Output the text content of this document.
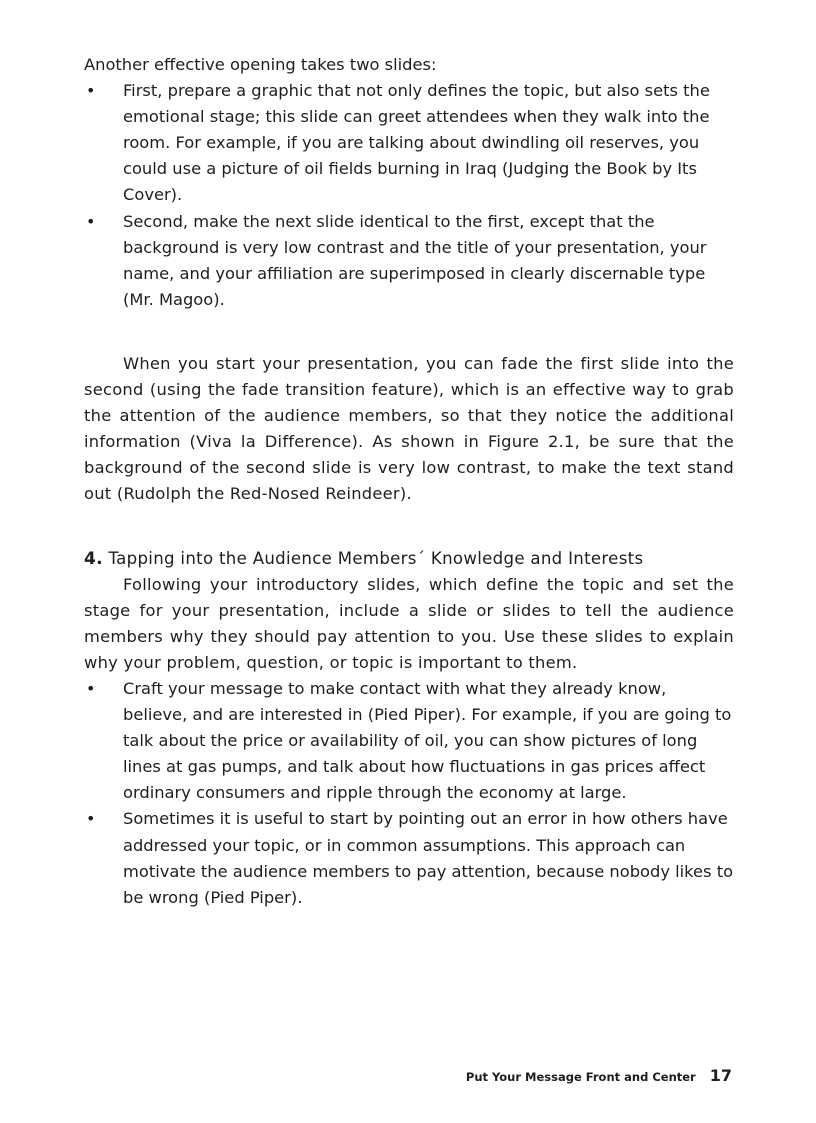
Another effective opening takes two slides:

• First, prepare a graphic that not only defines the topic, but also sets the emotional stage; this slide can greet attendees when they walk into the room. For example, if you are talking about dwindling oil reserves, you could use a picture of oil fields burning in Iraq (Judging the Book by Its Cover).
• Second, make the next slide identical to the first, except that the background is very low contrast and the title of your presentation, your name, and your affiliation are superimposed in clearly discernable type (Mr. Magoo).

When you start your presentation, you can fade the first slide into the second (using the fade transition feature), which is an effective way to grab the attention of the audience members, so that they notice the additional information (Viva la Difference). As shown in Figure 2.1, be sure that the background of the second slide is very low contrast, to make the text stand out (Rudolph the Red-Nosed Reindeer).

4. Tapping into the Audience Members´ Knowledge and Interests

Following your introductory slides, which define the topic and set the stage for your presentation, include a slide or slides to tell the audience members why they should pay attention to you. Use these slides to explain why your problem, question, or topic is important to them.

• Craft your message to make contact with what they already know, believe, and are interested in (Pied Piper). For example, if you are going to talk about the price or availability of oil, you can show pictures of long lines at gas pumps, and talk about how fluctuations in gas prices affect ordinary consumers and ripple through the economy at large.
• Sometimes it is useful to start by pointing out an error in how others have addressed your topic, or in common assumptions. This approach can motivate the audience members to pay attention, because nobody likes to be wrong (Pied Piper).
Put Your Message Front and Center 17
